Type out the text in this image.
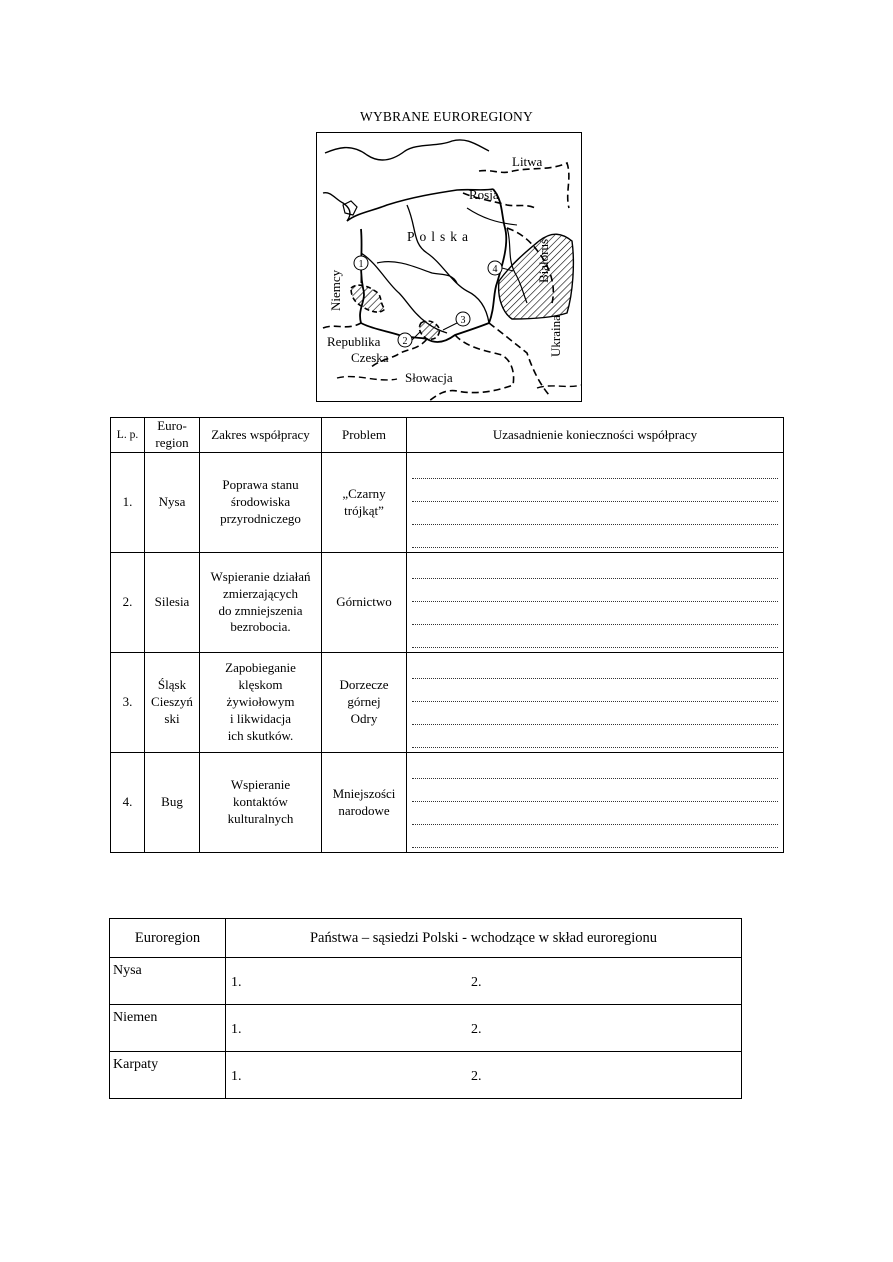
WYBRANE EUROREGIONY
1
2
3
4
Litwa
Rosja
Polska
Białoruś
Niemcy
Republika
Czeska
Słowacja
Ukraina
L. p.	Euro-
region	Zakres współpracy	Problem	Uzasadnienie konieczności współpracy
1.	Nysa	Poprawa stanu
środowiska
przyrodniczego	„Czarny
trójkąt”	

2.	Silesia	Wspieranie działań
zmierzających
do zmniejszenia
bezrobocia.	Górnictwo	

3.	Śląsk
Cieszyń
ski	Zapobieganie
klęskom
żywiołowym
i likwidacja
ich skutków.	Dorzecze
górnej
Odry	

4.	Bug	Wspieranie
kontaktów
kulturalnych	Mniejszości
narodowe	
Euroregion	Państwa – sąsiedzi Polski - wchodzące w skład euroregionu
Nysa	1. 2.

Niemen	1. 2.

Karpaty	1. 2.
